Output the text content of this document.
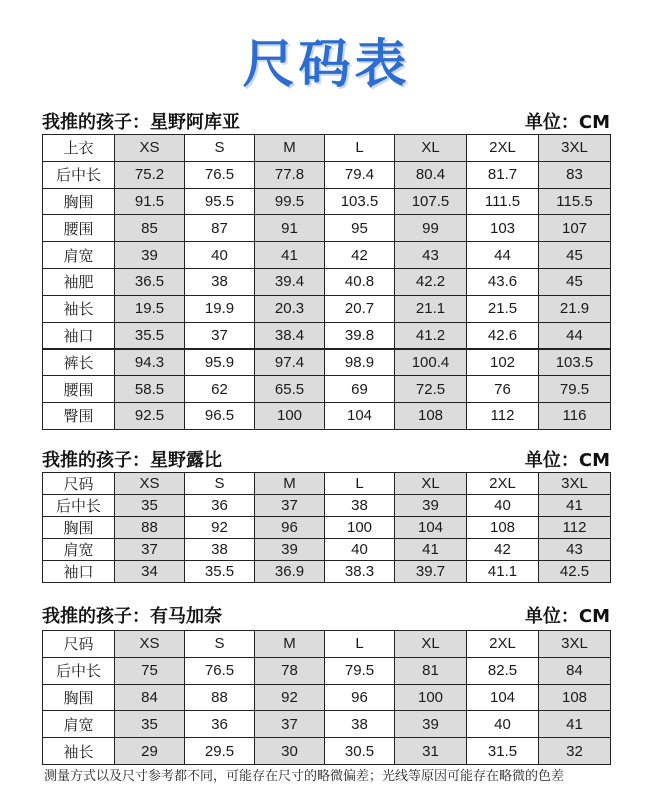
尺码表
我推的孩子：星野阿库亚	单位：CM
上衣	XS	S	M	L	XL	2XL	3XL
后中长	75.2	76.5	77.8	79.4	80.4	81.7	83
胸围	91.5	95.5	99.5	103.5	107.5	111.5	115.5
腰围	85	87	91	95	99	103	107
肩宽	39	40	41	42	43	44	45
袖肥	36.5	38	39.4	40.8	42.2	43.6	45
袖长	19.5	19.9	20.3	20.7	21.1	21.5	21.9
袖口	35.5	37	38.4	39.8	41.2	42.6	44
裤长	94.3	95.9	97.4	98.9	100.4	102	103.5
腰围	58.5	62	65.5	69	72.5	76	79.5
臀围	92.5	96.5	100	104	108	112	116
我推的孩子：星野露比	单位：CM
尺码	XS	S	M	L	XL	2XL	3XL
后中长	35	36	37	38	39	40	41
胸围	88	92	96	100	104	108	112
肩宽	37	38	39	40	41	42	43
袖口	34	35.5	36.9	38.3	39.7	41.1	42.5
我推的孩子：有马加奈	单位：CM
尺码	XS	S	M	L	XL	2XL	3XL
后中长	75	76.5	78	79.5	81	82.5	84
胸围	84	88	92	96	100	104	108
肩宽	35	36	37	38	39	40	41
袖长	29	29.5	30	30.5	31	31.5	32
测量方式以及尺寸参考都不同，可能存在尺寸的略微偏差；光线等原因可能存在略微的色差
